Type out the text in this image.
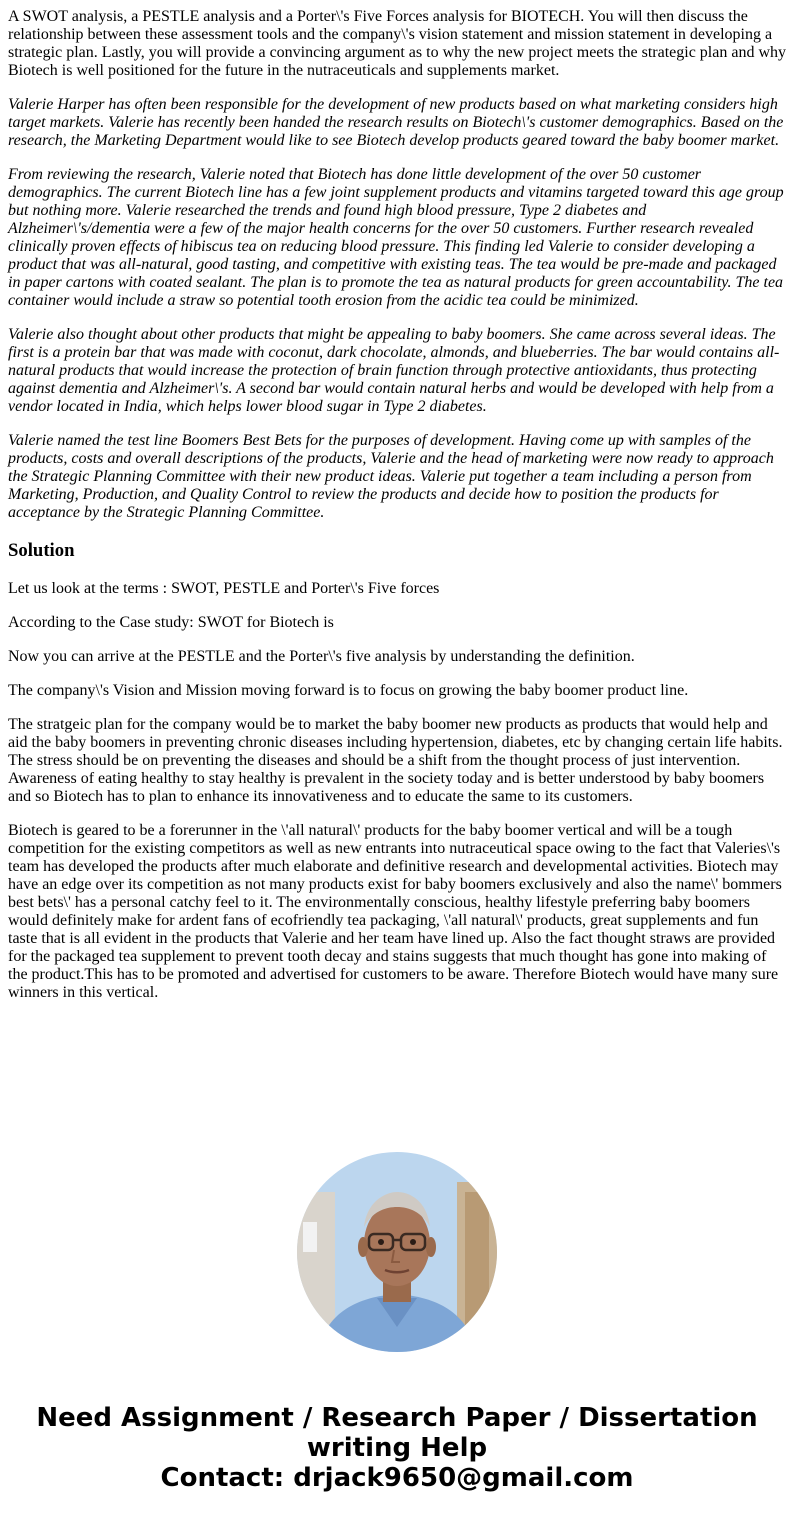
A SWOT analysis, a PESTLE analysis and a Porter\'s Five Forces analysis for BIOTECH. You will then discuss the relationship between these assessment tools and the company\'s vision statement and mission statement in developing a strategic plan. Lastly, you will provide a convincing argument as to why the new project meets the strategic plan and why Biotech is well positioned for the future in the nutraceuticals and supplements market.

Valerie Harper has often been responsible for the development of new products based on what marketing considers high target markets. Valerie has recently been handed the research results on Biotech\'s customer demographics. Based on the research, the Marketing Department would like to see Biotech develop products geared toward the baby boomer market.

From reviewing the research, Valerie noted that Biotech has done little development of the over 50 customer demographics. The current Biotech line has a few joint supplement products and vitamins targeted toward this age group but nothing more. Valerie researched the trends and found high blood pressure, Type 2 diabetes and Alzheimer\'s/dementia were a few of the major health concerns for the over 50 customers. Further research revealed clinically proven effects of hibiscus tea on reducing blood pressure. This finding led Valerie to consider developing a product that was all-natural, good tasting, and competitive with existing teas. The tea would be pre-made and packaged in paper cartons with coated sealant. The plan is to promote the tea as natural products for green accountability. The tea container would include a straw so potential tooth erosion from the acidic tea could be minimized.

Valerie also thought about other products that might be appealing to baby boomers. She came across several ideas. The first is a protein bar that was made with coconut, dark chocolate, almonds, and blueberries. The bar would contains all-natural products that would increase the protection of brain function through protective antioxidants, thus protecting against dementia and Alzheimer\'s. A second bar would contain natural herbs and would be developed with help from a vendor located in India, which helps lower blood sugar in Type 2 diabetes.

Valerie named the test line Boomers Best Bets for the purposes of development. Having come up with samples of the products, costs and overall descriptions of the products, Valerie and the head of marketing were now ready to approach the Strategic Planning Committee with their new product ideas. Valerie put together a team including a person from Marketing, Production, and Quality Control to review the products and decide how to position the products for acceptance by the Strategic Planning Committee.

Solution

Let us look at the terms : SWOT, PESTLE and Porter\'s Five forces

According to the Case study: SWOT for Biotech is

Now you can arrive at the PESTLE and the Porter\'s five analysis by understanding the definition.

The company\'s Vision and Mission moving forward is to focus on growing the baby boomer product line.

The stratgeic plan for the company would be to market the baby boomer new products as products that would help and aid the baby boomers in preventing chronic diseases including hypertension, diabetes, etc by changing certain life habits. The stress should be on preventing the diseases and should be a shift from the thought process of just intervention. Awareness of eating healthy to stay healthy is prevalent in the society today and is better understood by baby boomers and so Biotech has to plan to enhance its innovativeness and to educate the same to its customers.

Biotech is geared to be a forerunner in the \'all natural\' products for the baby boomer vertical and will be a tough competition for the existing competitors as well as new entrants into nutraceutical space owing to the fact that Valeries\'s team has developed the products after much elaborate and definitive research and developmental activities. Biotech may have an edge over its competition as not many products exist for baby boomers exclusively and also the name\' bommers best bets\' has a personal catchy feel to it. The environmentally conscious, healthy lifestyle preferring baby boomers would definitely make for ardent fans of ecofriendly tea packaging, \'all natural\' products, great supplements and fun taste that is all evident in the products that Valerie and her team have lined up. Also the fact thought straws are provided for the packaged tea supplement to prevent tooth decay and stains suggests that much thought has gone into making of the product.This has to be promoted and advertised for customers to be aware. Therefore Biotech would have many sure winners in this vertical.

Need Assignment / Research Paper / Dissertation
writing Help
Contact: drjack9650@gmail.com
